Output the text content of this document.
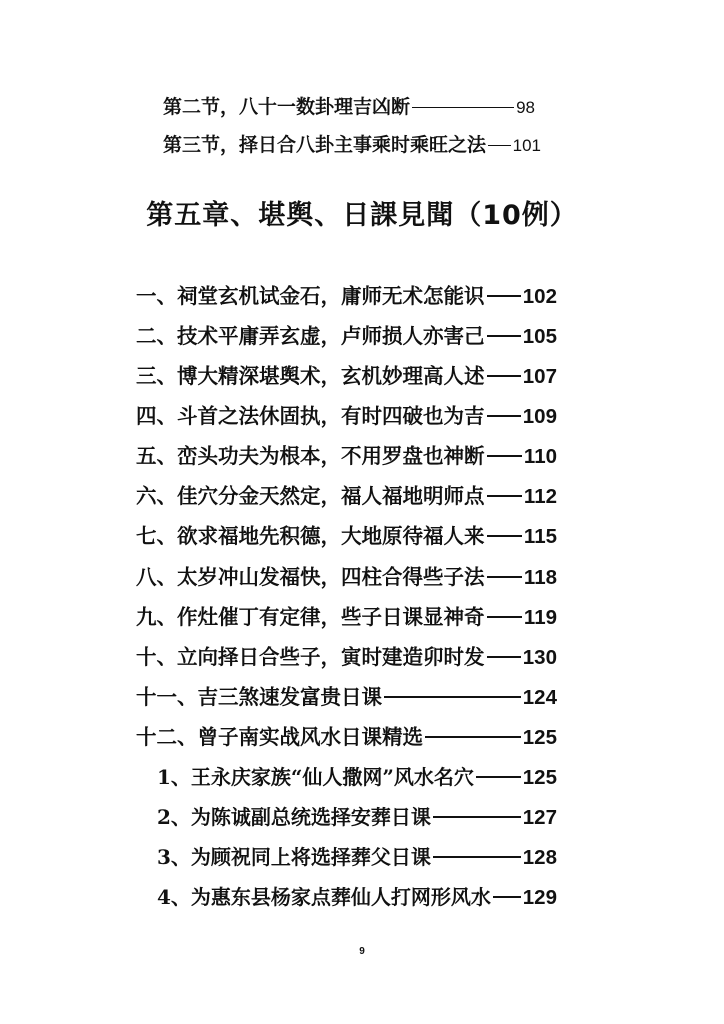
第二节，八十一数卦理吉凶断	98
第三节，择日合八卦主事乘时乘旺之法 101
第五章、堪舆、日課見聞（10例）
一、祠堂玄机试金石，庸师无术怎能识 102
二、技术平庸弄玄虚，卢师损人亦害己 105
三、博大精深堪舆术，玄机妙理高人述 107
四、斗首之法休固执，有时四破也为吉 109
五、峦头功夫为根本，不用罗盘也神断 110
六、佳穴分金天然定，福人福地明师点 112
七、欲求福地先积德，大地原待福人来 115
八、太岁冲山发福快，四柱合得些子法 118
九、作灶催丁有定律，些子日课显神奇 119
十、立向择日合些子，寅时建造卯时发 130
十一、吉三煞速发富贵日课	124
十二、曾子南实战风水日课精选	125
1、王永庆家族“仙人撒网”风水名穴 125
2、为陈诚副总统选择安葬日课	127
3、为顾祝同上将选择葬父日课	128
4、为惠东县杨家点葬仙人打网形风水 129
9
